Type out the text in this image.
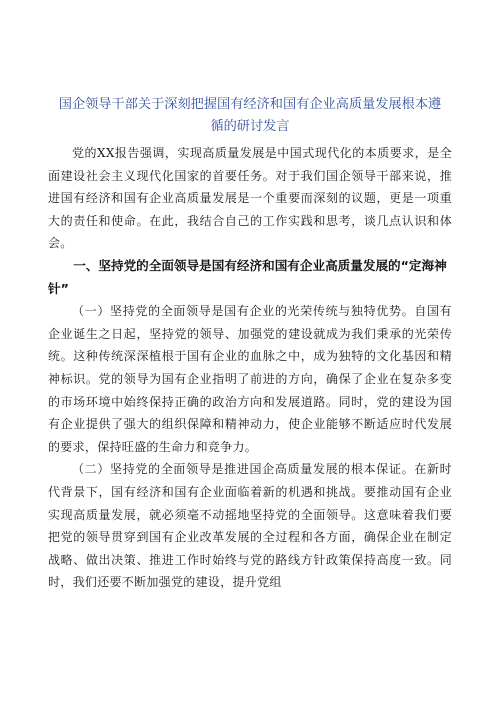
国企领导干部关于深刻把握国有经济和国有企业高质量发展根本遵
循的研讨发言

党的XX报告强调，实现高质量发展是中国式现代化的本质要求，是全面建设社会主义现代化国家的首要任务。对于我们国企领导干部来说，推进国有经济和国有企业高质量发展是一个重要而深刻的议题，更是一项重大的责任和使命。在此，我结合自己的工作实践和思考，谈几点认识和体会。

一、坚持党的全面领导是国有经济和国有企业高质量发展的“定海神针”

（一）坚持党的全面领导是国有企业的光荣传统与独特优势。自国有企业诞生之日起，坚持党的领导、加强党的建设就成为我们秉承的光荣传统。这种传统深深植根于国有企业的血脉之中，成为独特的文化基因和精神标识。党的领导为国有企业指明了前进的方向，确保了企业在复杂多变的市场环境中始终保持正确的政治方向和发展道路。同时，党的建设为国有企业提供了强大的组织保障和精神动力，使企业能够不断适应时代发展的要求，保持旺盛的生命力和竞争力。

（二）坚持党的全面领导是推进国企高质量发展的根本保证。在新时代背景下，国有经济和国有企业面临着新的机遇和挑战。要推动国有企业实现高质量发展，就必须毫不动摇地坚持党的全面领导。这意味着我们要把党的领导贯穿到国有企业改革发展的全过程和各方面，确保企业在制定战略、做出决策、推进工作时始终与党的路线方针政策保持高度一致。同时，我们还要不断加强党的建设，提升党组
